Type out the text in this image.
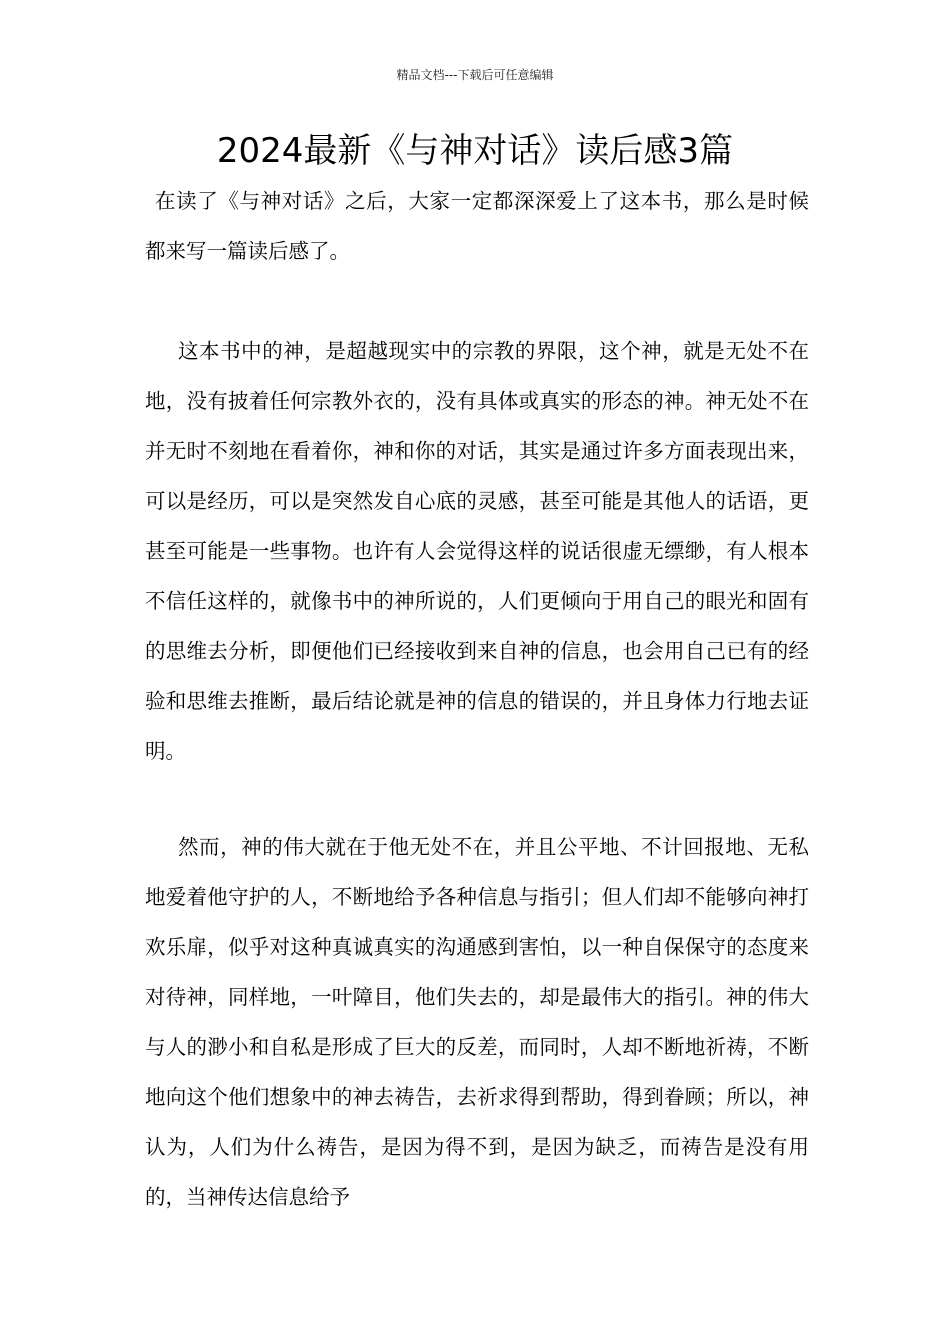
精品文档---下载后可任意编辑
2024最新《与神对话》读后感3篇

在读了《与神对话》之后，大家一定都深深爱上了这本书，那么是时候都来写一篇读后感了。

这本书中的神，是超越现实中的宗教的界限，这个神，就是无处不在地，没有披着任何宗教外衣的，没有具体或真实的形态的神。神无处不在并无时不刻地在看着你，神和你的对话，其实是通过许多方面表现出来，可以是经历，可以是突然发自心底的灵感，甚至可能是其他人的话语，更甚至可能是一些事物。也许有人会觉得这样的说话很虚无缥缈，有人根本不信任这样的，就像书中的神所说的，人们更倾向于用自己的眼光和固有的思维去分析，即便他们已经接收到来自神的信息，也会用自己已有的经验和思维去推断，最后结论就是神的信息的错误的，并且身体力行地去证明。

然而，神的伟大就在于他无处不在，并且公平地、不计回报地、无私地爱着他守护的人，不断地给予各种信息与指引；但人们却不能够向神打欢乐扉，似乎对这种真诚真实的沟通感到害怕，以一种自保保守的态度来对待神，同样地，一叶障目，他们失去的，却是最伟大的指引。神的伟大与人的渺小和自私是形成了巨大的反差，而同时，人却不断地祈祷，不断地向这个他们想象中的神去祷告，去祈求得到帮助，得到眷顾；所以，神认为，人们为什么祷告，是因为得不到，是因为缺乏，而祷告是没有用的，当神传达信息给予
